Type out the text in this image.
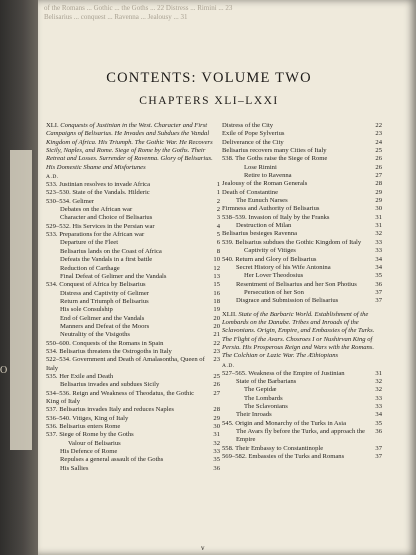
O
of the Romans ... Gothic ... the Goths ... 22 Distress ... Rimini ... 23
Belisarius ... conquest ... Ravenna ... Jealousy ... 31
CONTENTS: VOLUME TWO
CHAPTERS XLI–LXXI
XLI. Conquests of Justinian in the West. Character and First Campaigns of Belisarius. He Invades and Subdues the Vandal Kingdom of Africa. His Triumph. The Gothic War. He Recovers Sicily, Naples, and Rome. Siege of Rome by the Goths. Their Retreat and Losses. Surrender of Ravenna. Glory of Belisarius. His Domestic Shame and Misfortunes
A.D.
533. Justinian resolves to invade Africa	1
523–530. State of the Vandals. Hilderic	1
530–534. Gelimer	2
Debates on the African war	2
Character and Choice of Belisarius	3
529–532. His Services in the Persian war	4
533. Preparations for the African war	5
Departure of the Fleet	6
Belisarius lands on the Coast of Africa	8
Defeats the Vandals in a first battle	10
Reduction of Carthage	12
Final Defeat of Gelimer and the Vandals	13
534. Conquest of Africa by Belisarius	15
Distress and Captivity of Gelimer	16
Return and Triumph of Belisarius	18
His sole Consulship	19
End of Gelimer and the Vandals	20
Manners and Defeat of the Moors	20
Neutrality of the Visigoths	21
550–600. Conquests of the Romans in Spain	22
534. Belisarius threatens the Ostrogoths in Italy	23
522–534. Government and Death of Amalasontha, Queen of Italy
23
535. Her Exile and Death	25
Belisarius invades and subdues Sicily	26
534–536. Reign and Weakness of Theodatus, the Gothic King of Italy
27
537. Belisarius invades Italy and reduces Naples	28
536–540. Vitiges, King of Italy	29
536. Belisarius enters Rome	30
537. Siege of Rome by the Goths	31
Valour of Belisarius	32
His Defence of Rome	33
Repulses a general assault of the Goths	35
His Sallies	36
Distress of the City	22
Exile of Pope Sylverius	23
Deliverance of the City	24
Belisarius recovers many Cities of Italy	25
538. The Goths raise the Siege of Rome	26
Lose Rimini	26
Retire to Ravenna	27
Jealousy of the Roman Generals	28
Death of Constantine	29
The Eunuch Narses	29
Firmness and Authority of Belisarius	30
538–539. Invasion of Italy by the Franks	31
Destruction of Milan	31
Belisarius besieges Ravenna	32
539. Belisarius subdues the Gothic Kingdom of Italy	33
Captivity of Vitiges	33
540. Return and Glory of Belisarius	34
Secret History of his Wife Antonina	34
Her Lover Theodosius	35
Resentment of Belisarius and her Son Photius	36
Persecution of her Son	37
Disgrace and Submission of Belisarius	37
XLII. State of the Barbaric World. Establishment of the Lombards on the Danube. Tribes and Inroads of the Sclavonians. Origin, Empire, and Embassies of the Turks. The Flight of the Avars. Chosroes I or Nushirvan King of Persia. His Prosperous Reign and Wars with the Romans. The Colchian or Lazic War. The Æthiopians
A.D.
527–565. Weakness of the Empire of Justinian	31
State of the Barbarians	32
The Gepidæ	32
The Lombards	33
The Sclavonians	33
Their Inroads	34
545. Origin and Monarchy of the Turks in Asia	35
The Avars fly before the Turks, and approach the Empire
36
558. Their Embassy to Constantinople	37
569–582. Embassies of the Turks and Romans	37
v
